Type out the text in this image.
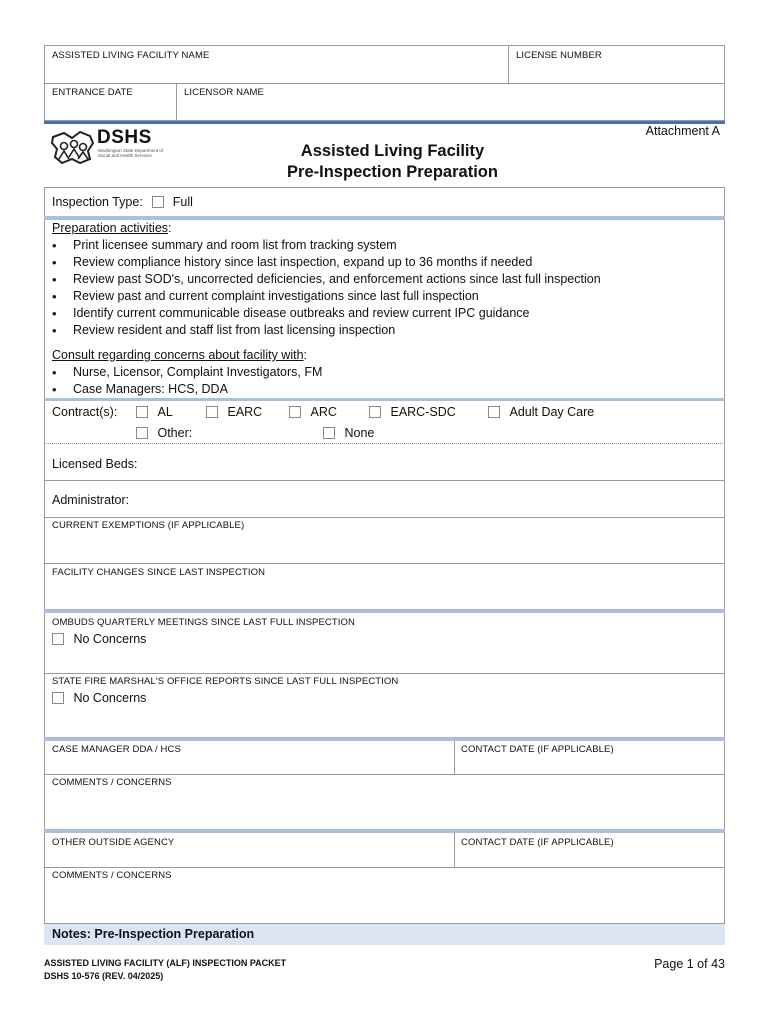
ASSISTED LIVING FACILITY NAME	LICENSE NUMBER
ENTRANCE DATE	LICENSOR NAME
DSHS
Washington State Department of Social and Health Services
Attachment A
Assisted Living Facility
Pre-Inspection Preparation
Inspection Type: Full
Preparation activities:
• Print licensee summary and room list from tracking system
• Review compliance history since last inspection, expand up to 36 months if needed
• Review past SOD's, uncorrected deficiencies, and enforcement actions since last full inspection
• Review past and current complaint investigations since last full inspection
• Identify current communicable disease outbreaks and review current IPC guidance
• Review resident and staff list from last licensing inspection
Consult regarding concerns about facility with:
• Nurse, Licensor, Complaint Investigators, FM
• Case Managers: HCS, DDA
Contract(s):	AL	EARC	ARC	EARC-SDC	Adult Day Care
Other:	None
Licensed Beds:
Administrator:
CURRENT EXEMPTIONS (IF APPLICABLE)
FACILITY CHANGES SINCE LAST INSPECTION
OMBUDS QUARTERLY MEETINGS SINCE LAST FULL INSPECTION
No Concerns
STATE FIRE MARSHAL'S OFFICE REPORTS SINCE LAST FULL INSPECTION
No Concerns
CASE MANAGER DDA / HCS	CONTACT DATE (IF APPLICABLE)
COMMENTS / CONCERNS
OTHER OUTSIDE AGENCY	CONTACT DATE (IF APPLICABLE)
COMMENTS / CONCERNS
Notes: Pre-Inspection Preparation
ASSISTED LIVING FACILITY (ALF) INSPECTION PACKET
DSHS 10-576 (REV. 04/2025)
Page 1 of 43
